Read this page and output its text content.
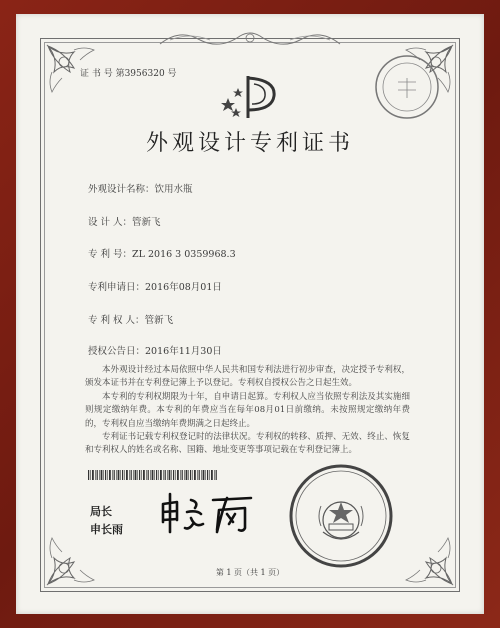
证 书 号 第3956320 号
外观设计专利证书
外观设计名称：饮用水瓶
设 计 人：管新飞
专 利 号：ZL 2016 3 0359968.3
专利申请日：2016年08月01日
专 利 权 人：管新飞
授权公告日：2016年11月30日

本外观设计经过本局依照中华人民共和国专利法进行初步审查，决定授予专利权，颁发本证书并在专利登记簿上予以登记。专利权自授权公告之日起生效。

本专利的专利权期限为十年，自申请日起算。专利权人应当依照专利法及其实施细则规定缴纳年费。本专利的年费应当在每年08月01日前缴纳。未按照规定缴纳年费的，专利权自应当缴纳年费期满之日起终止。

专利证书记载专利权登记时的法律状况。专利权的转移、质押、无效、终止、恢复和专利权人的姓名或名称、国籍、地址变更等事项记载在专利登记簿上。

局长
申长雨
第 1 页（共 1 页）
